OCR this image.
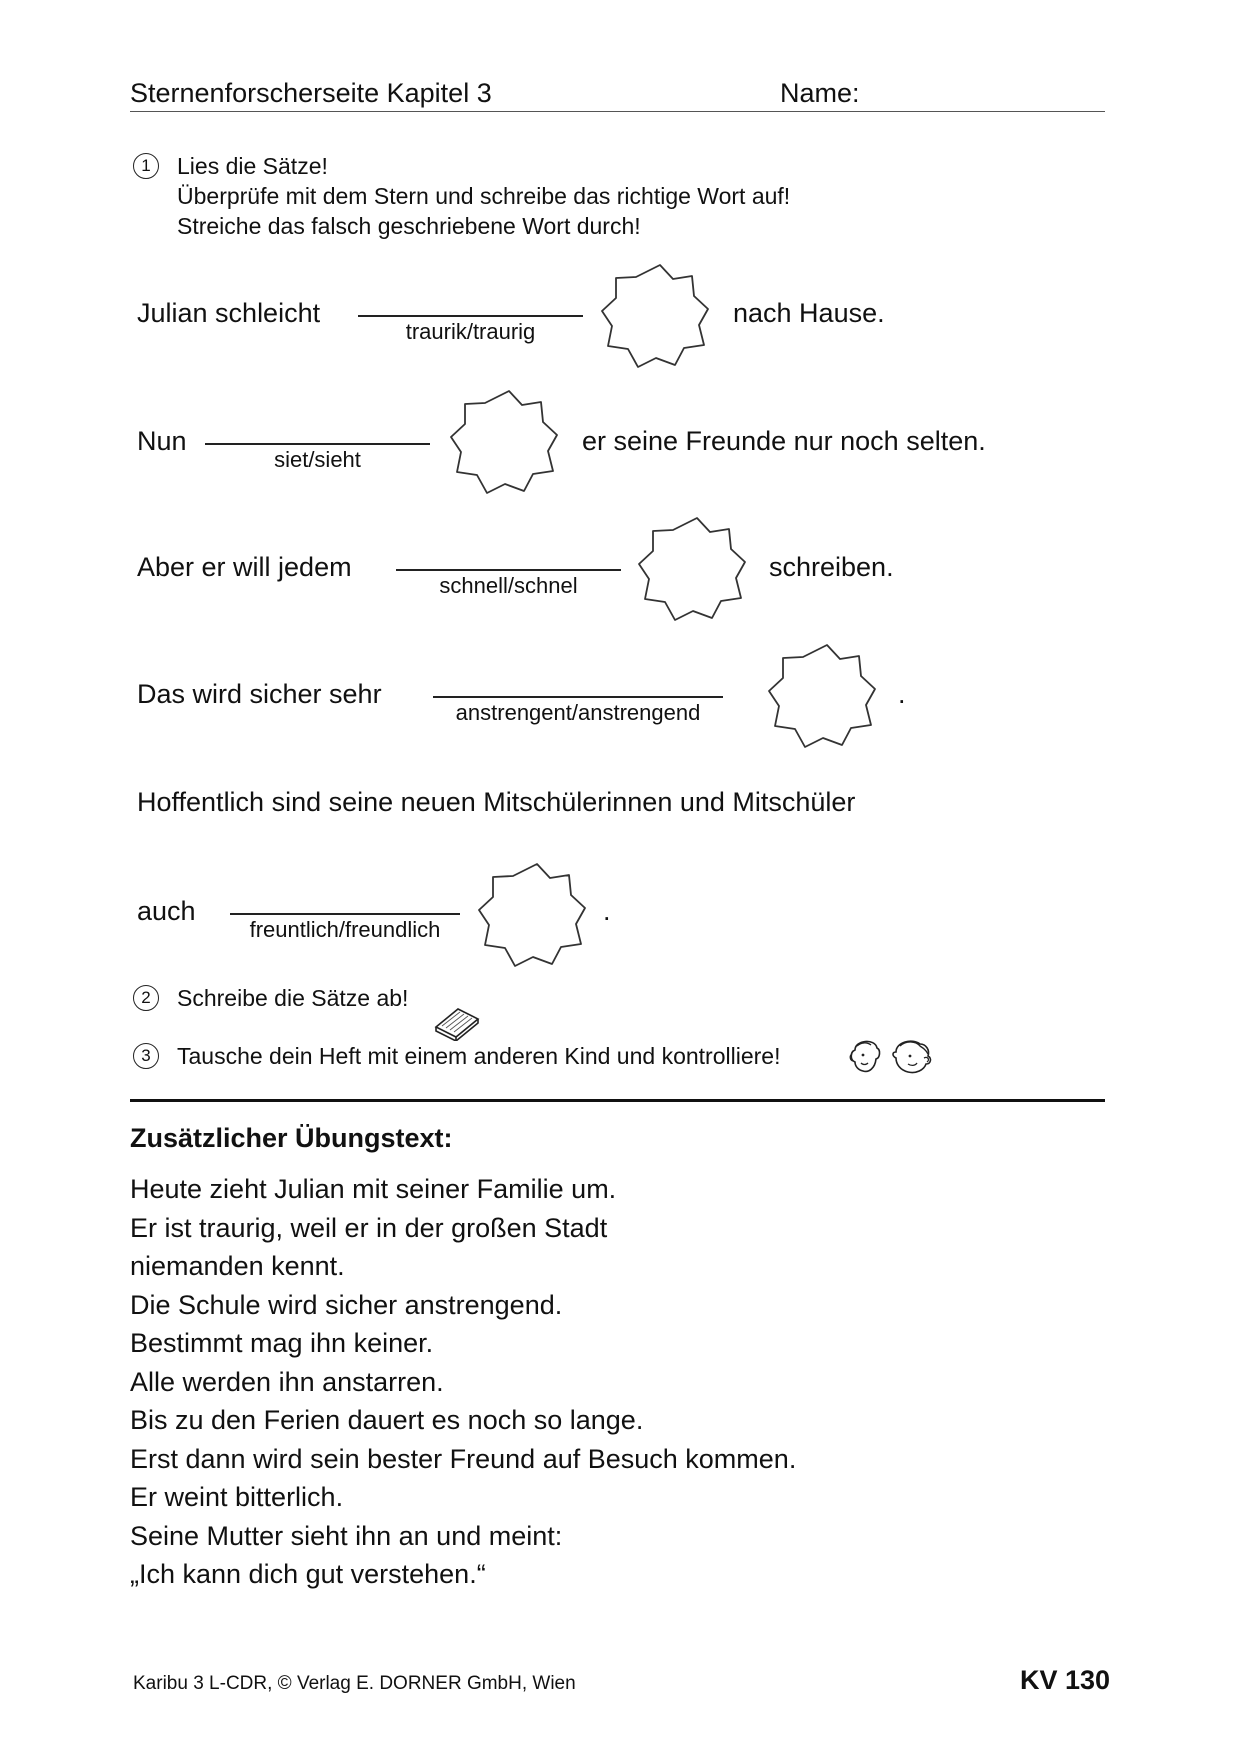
Sternenforscherseite Kapitel 3	Name:
1	Lies die Sätze!
Überprüfe mit dem Stern und schreibe das richtige Wort auf!
Streiche das falsch geschriebene Wort durch!
Julian schleicht
traurik/traurig
nach Hause.
Nun
siet/sieht
er seine Freunde nur noch selten.
Aber er will jedem
schnell/schnel
schreiben.
Das wird sicher sehr
anstrengent/anstrengend
.
Hoffentlich sind seine neuen Mitschülerinnen und Mitschüler
auch
freuntlich/freundlich
.
2	Schreibe die Sätze ab!
3	Tausche dein Heft mit einem anderen Kind und kontrolliere!
Zusätzlicher Übungstext:
Heute zieht Julian mit seiner Familie um.
Er ist traurig, weil er in der großen Stadt
niemanden kennt.
Die Schule wird sicher anstrengend.
Bestimmt mag ihn keiner.
Alle werden ihn anstarren.
Bis zu den Ferien dauert es noch so lange.
Erst dann wird sein bester Freund auf Besuch kommen.
Er weint bitterlich.
Seine Mutter sieht ihn an und meint:
„Ich kann dich gut verstehen.“
Karibu 3 L-CDR, © Verlag E. DORNER GmbH, Wien	KV 130
